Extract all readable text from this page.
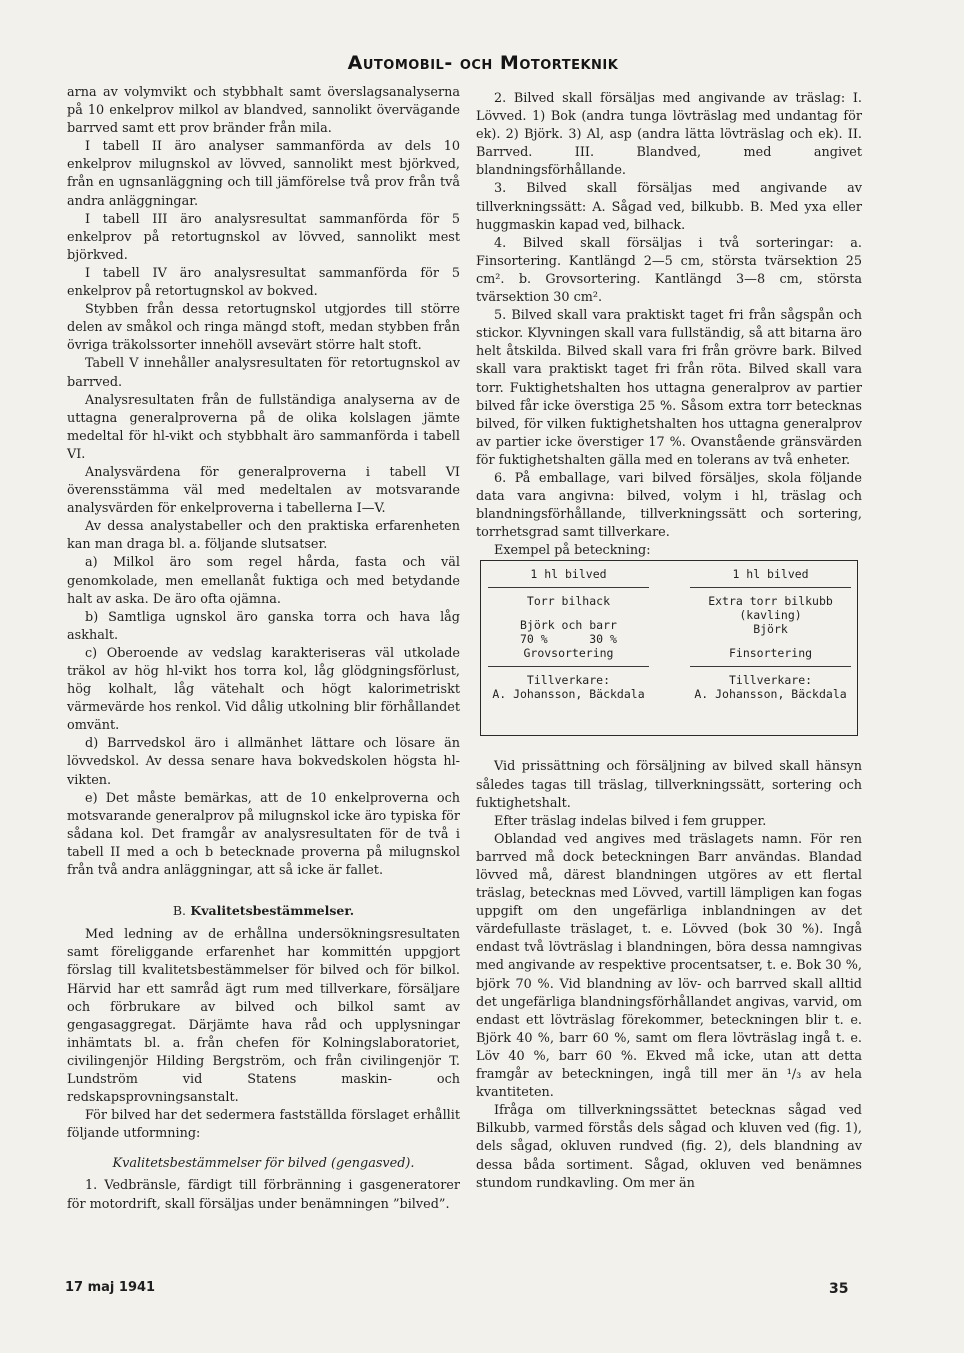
Automobil- och Motorteknik

arna av volymvikt och stybbhalt samt överslagsanalyserna på 10 enkelprov milkol av blandved, sannolikt övervägande barrved samt ett prov bränder från mila.

I tabell II äro analyser sammanförda av dels 10 enkelprov milugnskol av lövved, sannolikt mest björkved, från en ugnsanläggning och till jämförelse två prov från två andra anläggningar.

I tabell III äro analysresultat sammanförda för 5 enkelprov på retortugnskol av lövved, sannolikt mest björkved.

I tabell IV äro analysresultat sammanförda för 5 enkelprov på retortugnskol av bokved.

Stybben från dessa retortugnskol utgjordes till större delen av småkol och ringa mängd stoft, medan stybben från övriga träkolssorter innehöll avsevärt större halt stoft.

Tabell V innehåller analysresultaten för retortugnskol av barrved.

Analysresultaten från de fullständiga analyserna av de uttagna generalproverna på de olika kolslagen jämte medeltal för hl-vikt och stybbhalt äro sammanförda i tabell VI.

Analysvärdena för generalproverna i tabell VI överensstämma väl med medeltalen av motsvarande analysvärden för enkelproverna i tabellerna I—V.

Av dessa analystabeller och den praktiska erfarenheten kan man draga bl. a. följande slutsatser.

a) Milkol äro som regel hårda, fasta och väl genomkolade, men emellanåt fuktiga och med betydande halt av aska. De äro ofta ojämna.

b) Samtliga ugnskol äro ganska torra och hava låg askhalt.

c) Oberoende av vedslag karakteriseras väl utkolade träkol av hög hl-vikt hos torra kol, låg glödgningsförlust, hög kolhalt, låg vätehalt och högt kalorimetriskt värmevärde hos renkol. Vid dålig utkolning blir förhållandet omvänt.

d) Barrvedskol äro i allmänhet lättare och lösare än lövvedskol. Av dessa senare hava bokvedskolen högsta hl-vikten.

e) Det måste bemärkas, att de 10 enkelproverna och motsvarande generalprov på milugnskol icke äro typiska för sådana kol. Det framgår av analysresultaten för de två i tabell II med a och b betecknade proverna på milugnskol från två andra anläggningar, att så icke är fallet.

B. Kvalitetsbestämmelser.

Med ledning av de erhållna undersökningsresultaten samt föreliggande erfarenhet har kommittén uppgjort förslag till kvalitetsbestämmelser för bilved och för bilkol. Härvid har ett samråd ägt rum med tillverkare, försäljare och förbrukare av bilved och bilkol samt av gengasaggregat. Därjämte hava råd och upplysningar inhämtats bl. a. från chefen för Kolningslaboratoriet, civilingenjör Hilding Bergström, och från civilingenjör T. Lundström vid Statens maskin- och redskapsprovningsanstalt.

För bilved har det sedermera fastställda förslaget erhållit följande utformning:

Kvalitetsbestämmelser för bilved (gengasved).

1. Vedbränsle, färdigt till förbränning i gasgeneratorer för motordrift, skall försäljas under benämningen ”bilved”.

2. Bilved skall försäljas med angivande av träslag: I. Lövved. 1) Bok (andra tunga lövträslag med undantag för ek). 2) Björk. 3) Al, asp (andra lätta lövträslag och ek). II. Barrved. III. Blandved, med angivet blandningsförhållande.

3. Bilved skall försäljas med angivande av tillverkningssätt: A. Sågad ved, bilkubb. B. Med yxa eller huggmaskin kapad ved, bilhack.

4. Bilved skall försäljas i två sorteringar: a. Finsortering. Kantlängd 2—5 cm, största tvärsektion 25 cm². b. Grovsortering. Kantlängd 3—8 cm, största tvärsektion 30 cm².

5. Bilved skall vara praktiskt taget fri från sågspån och stickor. Klyvningen skall vara fullständig, så att bitarna äro helt åtskilda. Bilved skall vara fri från grövre bark. Bilved skall vara praktiskt taget fri från röta. Bilved skall vara torr. Fuktighetshalten hos uttagna generalprov av partier bilved får icke överstiga 25 %. Såsom extra torr betecknas bilved, för vilken fuktighetshalten hos uttagna generalprov av partier icke överstiger 17 %. Ovanstående gränsvärden för fuktighetshalten gälla med en tolerans av två enheter.

6. På emballage, vari bilved försäljes, skola följande data vara angivna: bilved, volym i hl, träslag och blandningsförhållande, tillverkningssätt och sortering, torrhetsgrad samt tillverkare.

Exempel på beteckning:

1 hl bilved
Torr bilhack
Björk och barr
70 %      30 %
Grovsortering
Tillverkare:
A. Johansson, Bäckdala
1 hl bilved
Extra torr bilkubb
(kavling)
Björk
Finsortering
Tillverkare:
A. Johansson, Bäckdala

Vid prissättning och försäljning av bilved skall hänsyn således tagas till träslag, tillverkningssätt, sortering och fuktighetshalt.

Efter träslag indelas bilved i fem grupper.

Oblandad ved angives med träslagets namn. För ren barrved må dock beteckningen Barr användas. Blandad lövved må, därest blandningen utgöres av ett flertal träslag, betecknas med Lövved, vartill lämpligen kan fogas uppgift om den ungefärliga inblandningen av det värdefullaste träslaget, t. e. Lövved (bok 30 %). Ingå endast två lövträslag i blandningen, böra dessa namngivas med angivande av respektive procentsatser, t. e. Bok 30 %, björk 70 %. Vid blandning av löv- och barrved skall alltid det ungefärliga blandningsförhållandet angivas, varvid, om endast ett lövträslag förekommer, beteckningen blir t. e. Björk 40 %, barr 60 %, samt om flera lövträslag ingå t. e. Löv 40 %, barr 60 %. Ekved må icke, utan att detta framgår av beteckningen, ingå till mer än ¹/₃ av hela kvantiteten.

Ifråga om tillverkningssättet betecknas sågad ved Bilkubb, varmed förstås dels sågad och kluven ved (fig. 1), dels sågad, okluven rundved (fig. 2), dels blandning av dessa båda sortiment. Sågad, okluven ved benämnes stundom rundkavling. Om mer än

17 maj 1941	35
